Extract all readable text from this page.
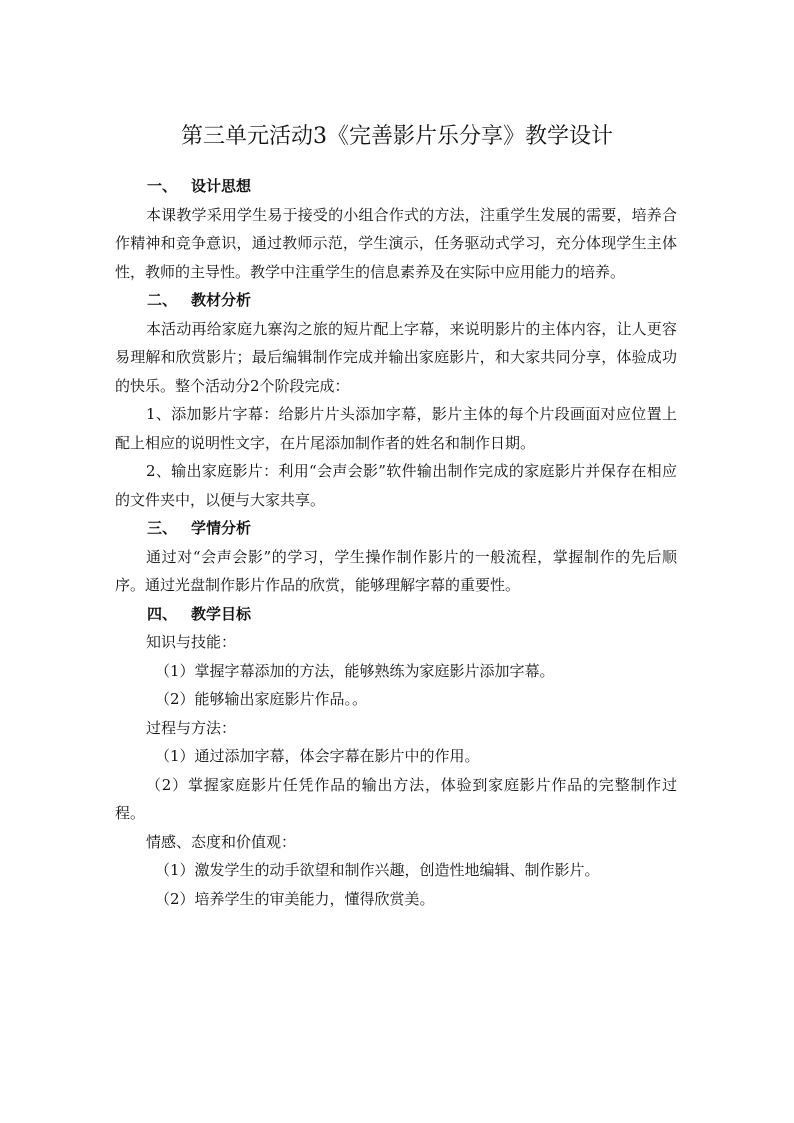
第三单元活动3《完善影片乐分享》教学设计

一、 设计思想

本课教学采用学生易于接受的小组合作式的方法，注重学生发展的需要，培养合作精神和竞争意识，通过教师示范，学生演示，任务驱动式学习，充分体现学生主体性，教师的主导性。教学中注重学生的信息素养及在实际中应用能力的培养。

二、 教材分析

本活动再给家庭九寨沟之旅的短片配上字幕，来说明影片的主体内容，让人更容易理解和欣赏影片；最后编辑制作完成并输出家庭影片，和大家共同分享，体验成功的快乐。整个活动分2个阶段完成：

1、添加影片字幕：给影片片头添加字幕，影片主体的每个片段画面对应位置上配上相应的说明性文字，在片尾添加制作者的姓名和制作日期。

2、输出家庭影片：利用“会声会影”软件输出制作完成的家庭影片并保存在相应的文件夹中，以便与大家共享。

三、 学情分析

通过对“会声会影”的学习，学生操作制作影片的一般流程，掌握制作的先后顺序。通过光盘制作影片作品的欣赏，能够理解字幕的重要性。

四、 教学目标

知识与技能：

（1）掌握字幕添加的方法，能够熟练为家庭影片添加字幕。

（2）能够输出家庭影片作品。。

过程与方法：

（1）通过添加字幕，体会字幕在影片中的作用。

（2）掌握家庭影片任凭作品的输出方法，体验到家庭影片作品的完整制作过程。

情感、态度和价值观：

（1）激发学生的动手欲望和制作兴趣，创造性地编辑、制作影片。

（2）培养学生的审美能力，懂得欣赏美。
